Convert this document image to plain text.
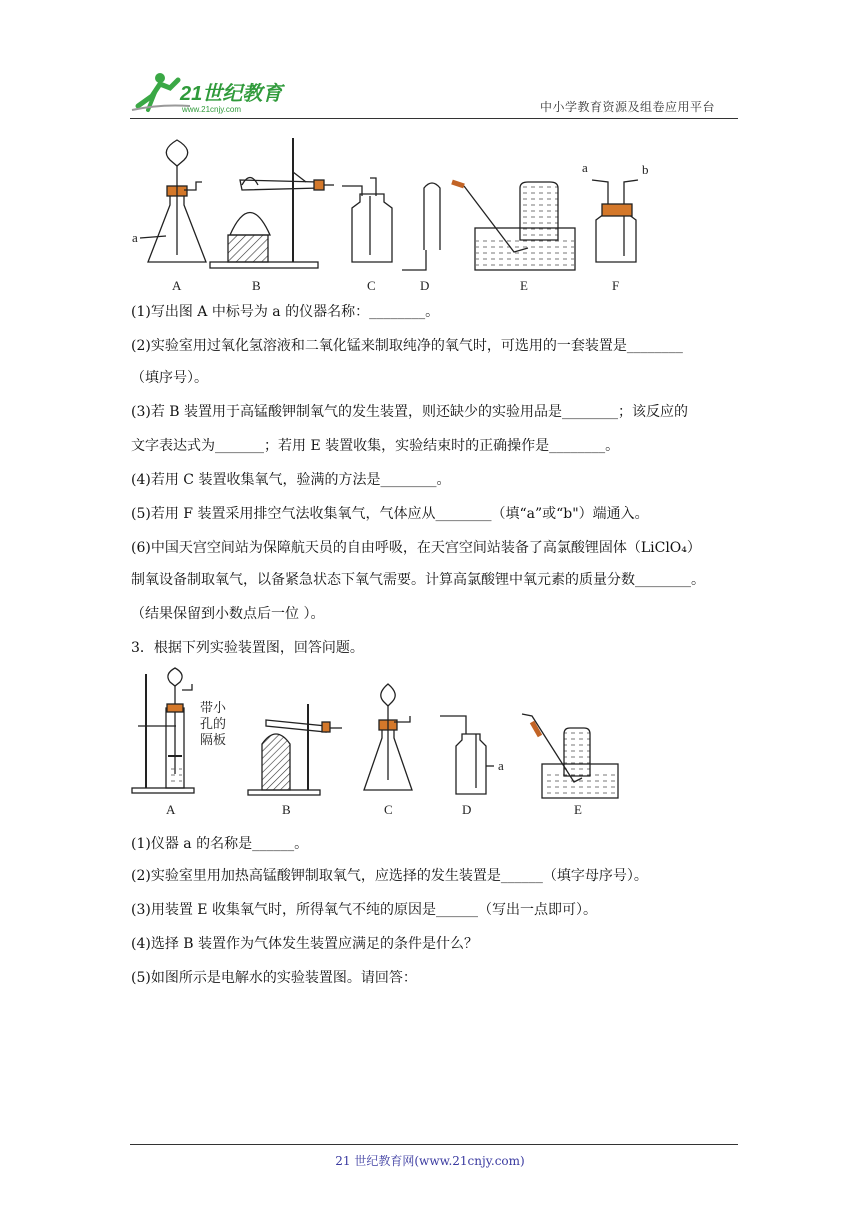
21世纪教育
www.21cnjy.com	中小学教育资源及组卷应用平台
a
a	b
A	B	C	D	E	F
(1)写出图 A 中标号为 a 的仪器名称：________。
(2)实验室用过氧化氢溶液和二氧化锰来制取纯净的氧气时，可选用的一套装置是________
（填序号）。
(3)若 B 装置用于高锰酸钾制氧气的发生装置，则还缺少的实验用品是________；该反应的
文字表达式为_______；若用 E 装置收集，实验结束时的正确操作是________。
(4)若用 C 装置收集氧气，验满的方法是________。
(5)若用 F 装置采用排空气法收集氧气，气体应从________（填“a”或“b"）端通入。
(6)中国天宫空间站为保障航天员的自由呼吸，在天宫空间站装备了高氯酸锂固体（LiClO₄）
制氧设备制取氧气，以备紧急状态下氧气需要。计算高氯酸锂中氧元素的质量分数________。
（结果保留到小数点后一位 ）。
3．根据下列实验装置图，回答问题。
带小
孔的
隔板
a
A	B	C	D	E
(1)仪器 a 的名称是______。
(2)实验室里用加热高锰酸钾制取氧气，应选择的发生装置是______（填字母序号）。
(3)用装置 E 收集氧气时，所得氧气不纯的原因是______（写出一点即可）。
(4)选择 B 装置作为气体发生装置应满足的条件是什么？
(5)如图所示是电解水的实验装置图。请回答：
21 世纪教育网(www.21cnjy.com)
